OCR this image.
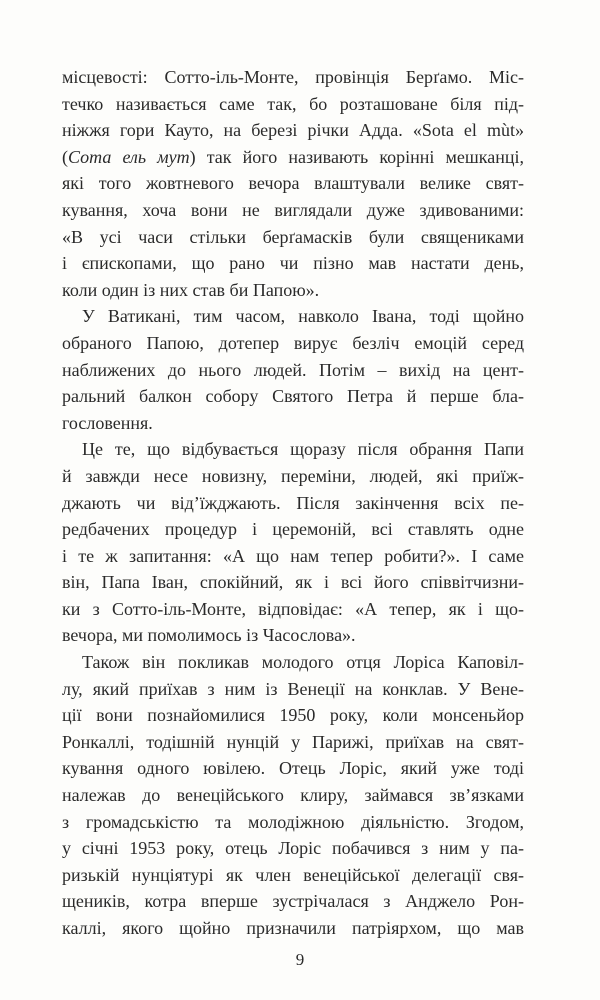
місцевості: Сотто-іль-Монте, провінція Берґамо. Міс-
течко називається саме так, бо розташоване біля під-
ніжжя гори Кауто, на березі річки Адда. «Sota el mùt»
(Сота ель мут) так його називають корінні мешканці,
які того жовтневого вечора влаштували велике свят-
кування, хоча вони не виглядали дуже здивованими:
«В усі часи стільки берґамасків були священиками
і єпископами, що рано чи пізно мав настати день,
коли один із них став би Папою».
У Ватикані, тим часом, навколо Івана, тоді щойно
обраного Папою, дотепер вирує безліч емоцій серед
наближених до нього людей. Потім – вихід на цент-
ральний балкон собору Святого Петра й перше бла-
гословення.
Це те, що відбувається щоразу після обрання Папи
й завжди несе новизну, переміни, людей, які приїж-
джають чи від’їжджають. Після закінчення всіх пе-
редбачених процедур і церемоній, всі ставлять одне
і те ж запитання: «А що нам тепер робити?». І саме
він, Папа Іван, спокійний, як і всі його співвітчизни-
ки з Сотто-іль-Монте, відповідає: «А тепер, як і що-
вечора, ми помолимось із Часослова».
Також він покликав молодого отця Лоріса Каповіл-
лу, який приїхав з ним із Венеції на конклав. У Вене-
ції вони познайомилися 1950 року, коли монсеньйор
Ронкаллі, тодішній нунцій у Парижі, приїхав на свят-
кування одного ювілею. Отець Лоріс, який уже тоді
належав до венеційського клиру, займався зв’язками
з громадськістю та молодіжною діяльністю. Згодом,
у січні 1953 року, отець Лоріс побачився з ним у па-
ризькій нунціятурі як член венеційської делегації свя-
щеників, котра вперше зустрічалася з Анджело Рон-
каллі, якого щойно призначили патріярхом, що мав
9
